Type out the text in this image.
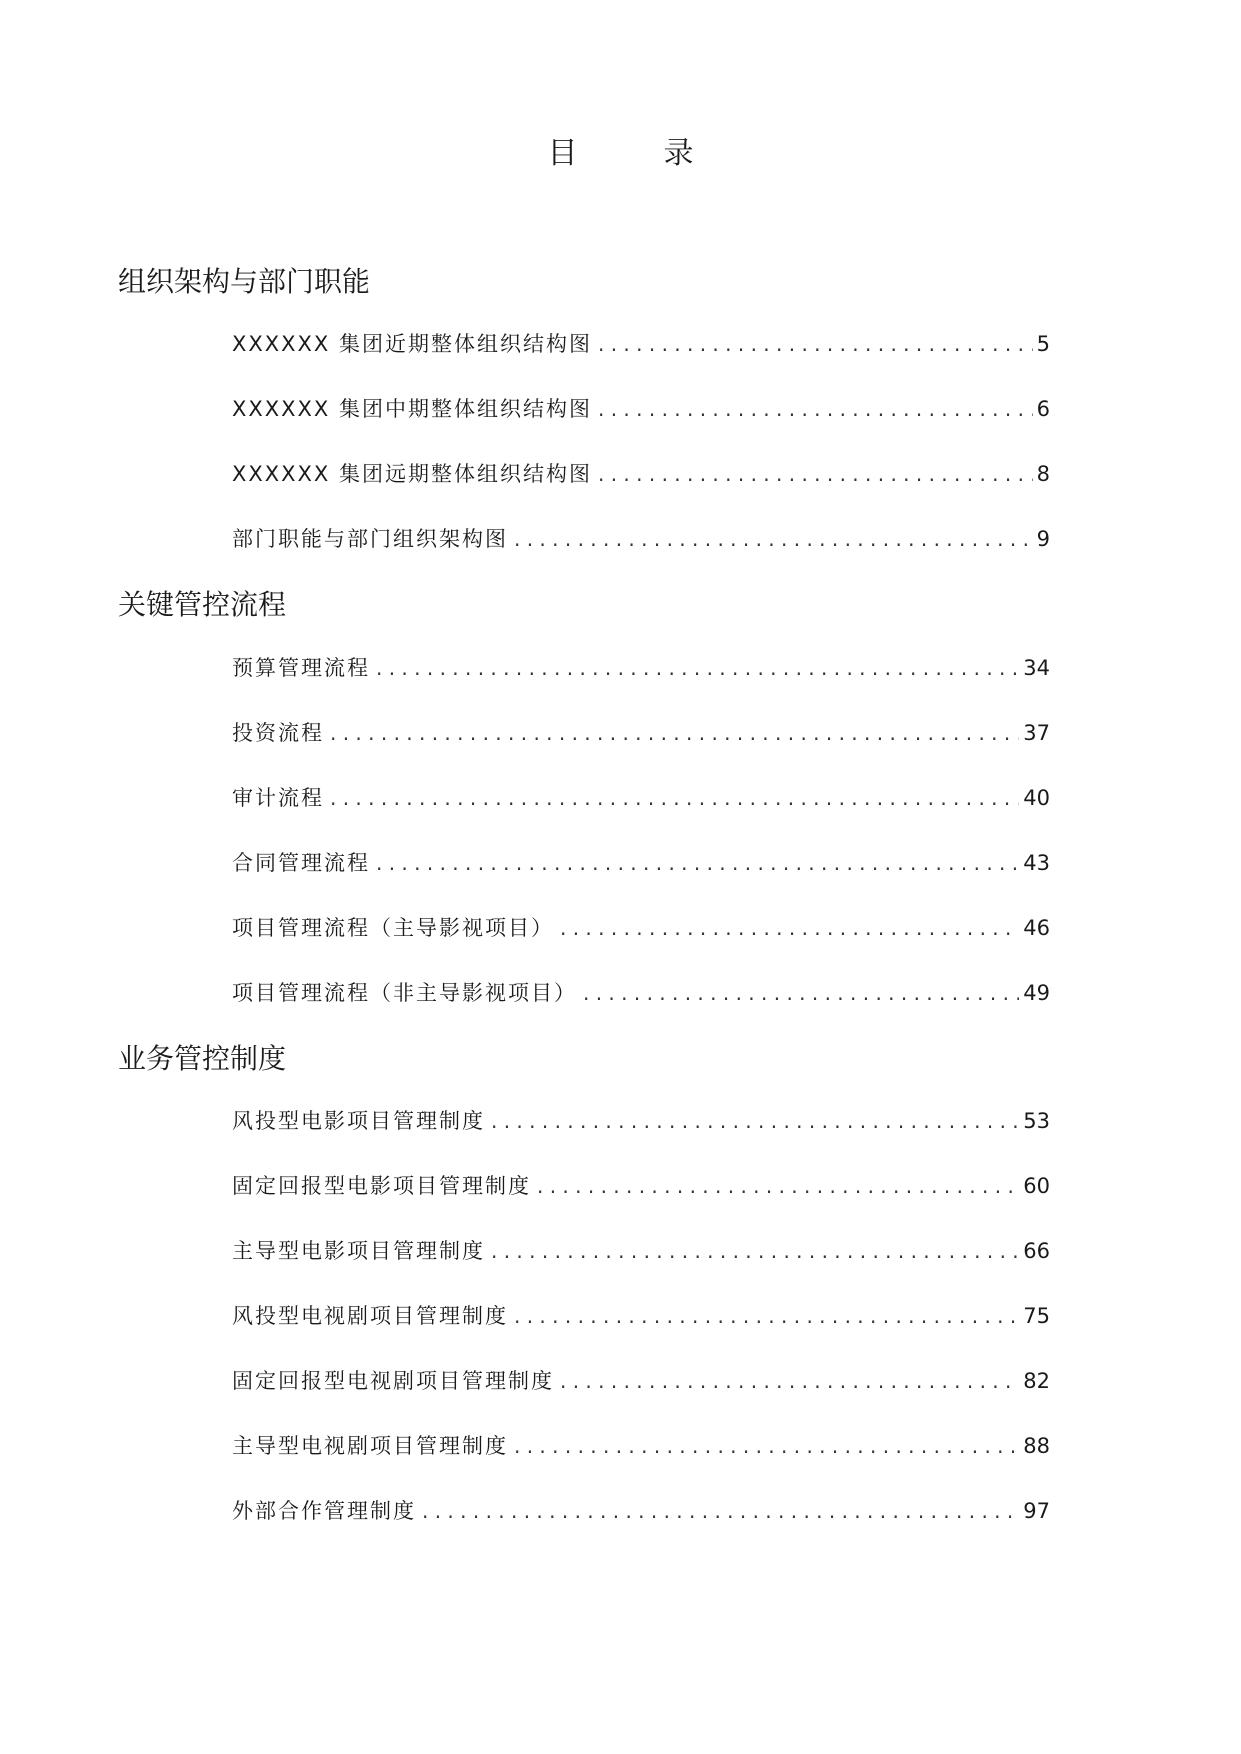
目　录
组织架构与部门职能
XXXXXX 集团近期整体组织结构图 . . .	5
XXXXXX 集团中期整体组织结构图 . . .	6
XXXXXX 集团远期整体组织结构图 . . .	8
部门职能与部门组织架构图 . . .	9
关键管控流程
预算管理流程 . . .	34
投资流程 . . .	37
审计流程 . . .	40
合同管理流程 . . .	43
项目管理流程（主导影视项目） . . .	46
项目管理流程（非主导影视项目） . . .	49
业务管控制度
风投型电影项目管理制度 . . .	53
固定回报型电影项目管理制度 . . .	60
主导型电影项目管理制度 . . .	66
风投型电视剧项目管理制度 . . .	75
固定回报型电视剧项目管理制度 . . .	82
主导型电视剧项目管理制度 . . .	88
外部合作管理制度 . . .	97
